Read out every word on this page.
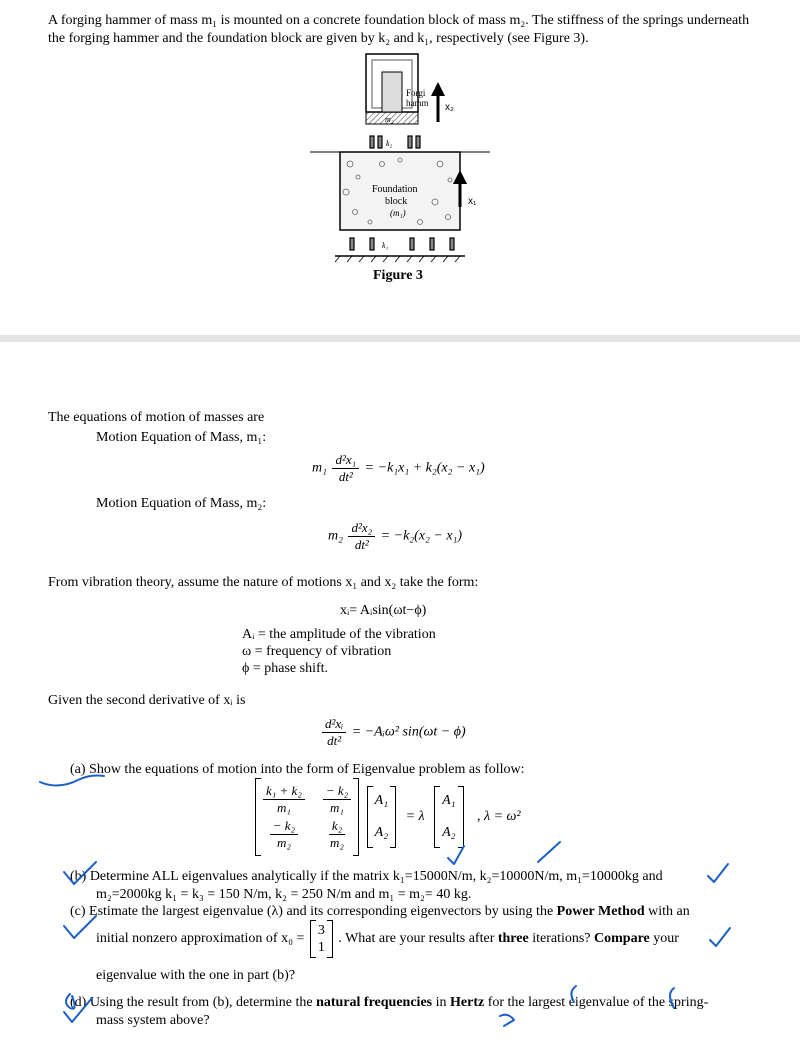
A forging hammer of mass m₁ is mounted on a concrete foundation block of mass m₂. The stiffness of the springs underneath the forging hammer and the foundation block are given by k₂ and k₁, respectively (see Figure 3).
Forgi
hamm
m₂
x₂
k₂
Foundation
block
(m₁)
x₁
k₁
Figure 3
The equations of motion of masses are
Motion Equation of Mass, m₁:
$m_1 \frac{\text{d²x₁}}{\text{dt²}} = -k_1x_1 + k_2(x_2 - x_1)$
Motion Equation of Mass, m₂:
$m_2 \frac{\text{d²x₂}}{\text{dt²}} = -k_2(x_2 - x_1)$
From vibration theory, assume the nature of motions x₁ and x₂ take the form:
xᵢ= Aᵢsin(ωt−ϕ)
Aᵢ = the amplitude of the vibration
ω = frequency of vibration
ϕ = phase shift.
Given the second derivative of xᵢ is
$\frac{\text{d²xᵢ}}{\text{dt²}}$ = −Aᵢω² sin(ωt − ϕ)
(a) Show the equations of motion into the form of Eigenvalue problem as follow:
$\frac{\text{k₁ + k₂}}{\text{m₁}} \frac{\text{− k₂}}{\text{m₁}}$
$\frac{\text{− k₂}}{\text{m₂}} \frac{\text{k₂}}{\text{m₂}}$

A₁
A₂
= λ
A₁
A₂
, λ = ω²
(b) Determine ALL eigenvalues analytically if the matrix k₁=15000N/m, k₂=10000N/m, m₁=10000kg and
m₂=2000kg k₁ = k₃ = 150 N/m, k₂ = 250 N/m and m₁ = m₂= 40 kg.
(c) Estimate the largest eigenvalue (λ) and its corresponding eigenvectors by using the Power Method with an
initial nonzero approximation of x₀ =
3
1
. What are your results after three iterations? Compare your
eigenvalue with the one in part (b)?
(d) Using the result from (b), determine the natural frequencies in Hertz for the largest eigenvalue of the spring-
mass system above?
